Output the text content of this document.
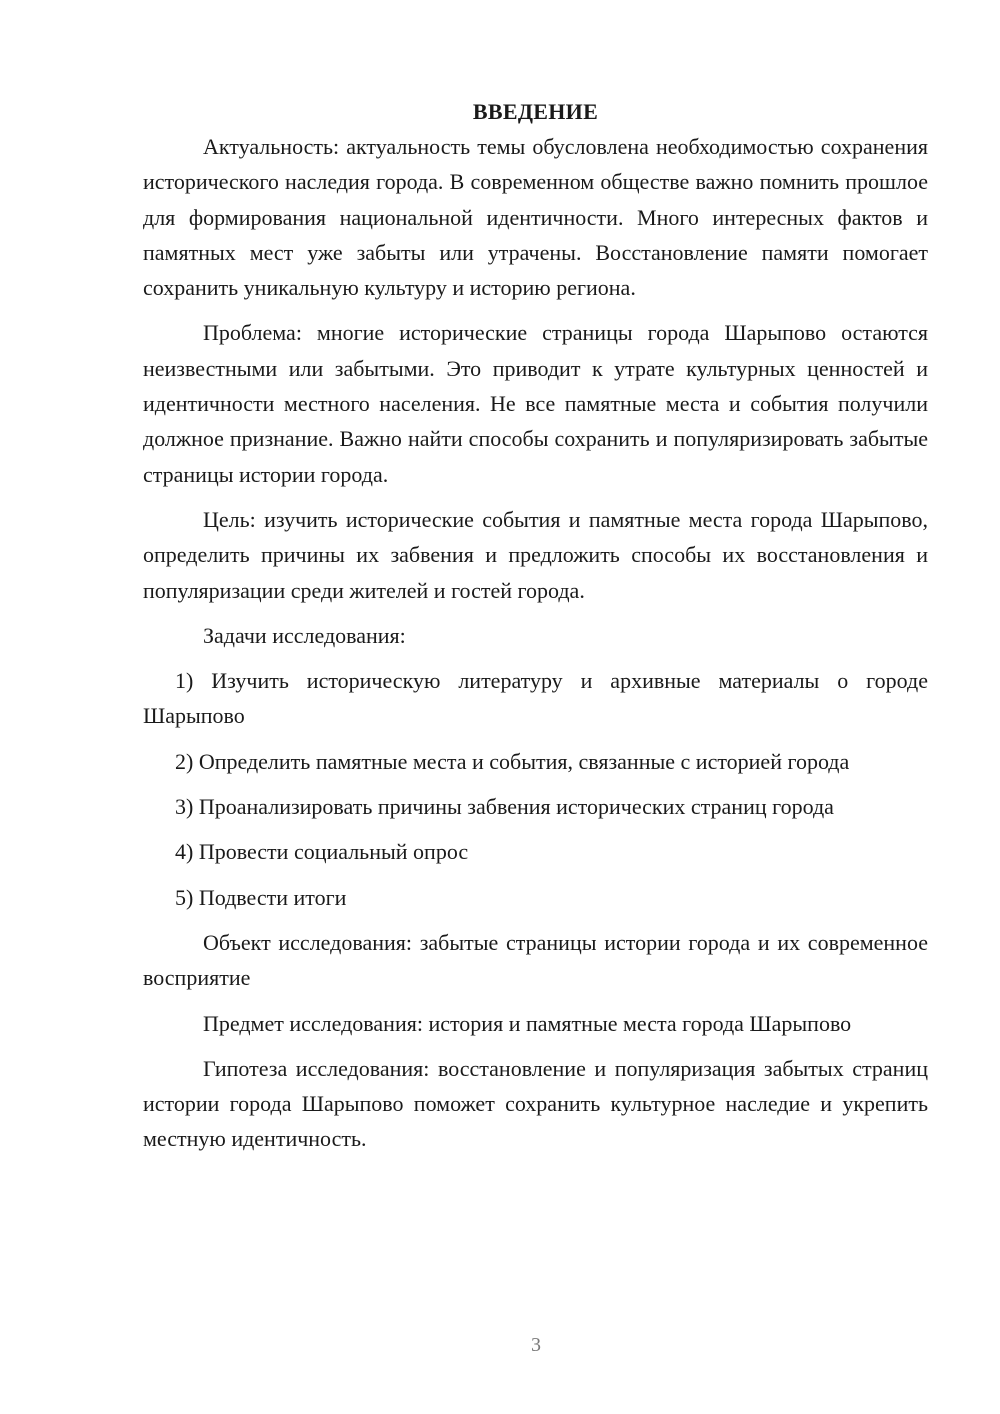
ВВЕДЕНИЕ

Актуальность: актуальность темы обусловлена необходимостью сохранения исторического наследия города. В современном обществе важно помнить прошлое для формирования национальной идентичности. Много интересных фактов и памятных мест уже забыты или утрачены. Восстановление памяти помогает сохранить уникальную культуру и историю региона.

Проблема: многие исторические страницы города Шарыпово остаются неизвестными или забытыми. Это приводит к утрате культурных ценностей и идентичности местного населения. Не все памятные места и события получили должное признание. Важно найти способы сохранить и популяризировать забытые страницы истории города.

Цель: изучить исторические события и памятные места города Шарыпово, определить причины их забвения и предложить способы их восстановления и популяризации среди жителей и гостей города.

Задачи исследования:

1) Изучить историческую литературу и архивные материалы о городе Шарыпово

2) Определить памятные места и события, связанные с историей города

3) Проанализировать причины забвения исторических страниц города

4) Провести социальный опрос

5) Подвести итоги

Объект исследования: забытые страницы истории города и их современное восприятие

Предмет исследования: история и памятные места города Шарыпово

Гипотеза исследования: восстановление и популяризация забытых страниц истории города Шарыпово поможет сохранить культурное наследие и укрепить местную идентичность.

3
